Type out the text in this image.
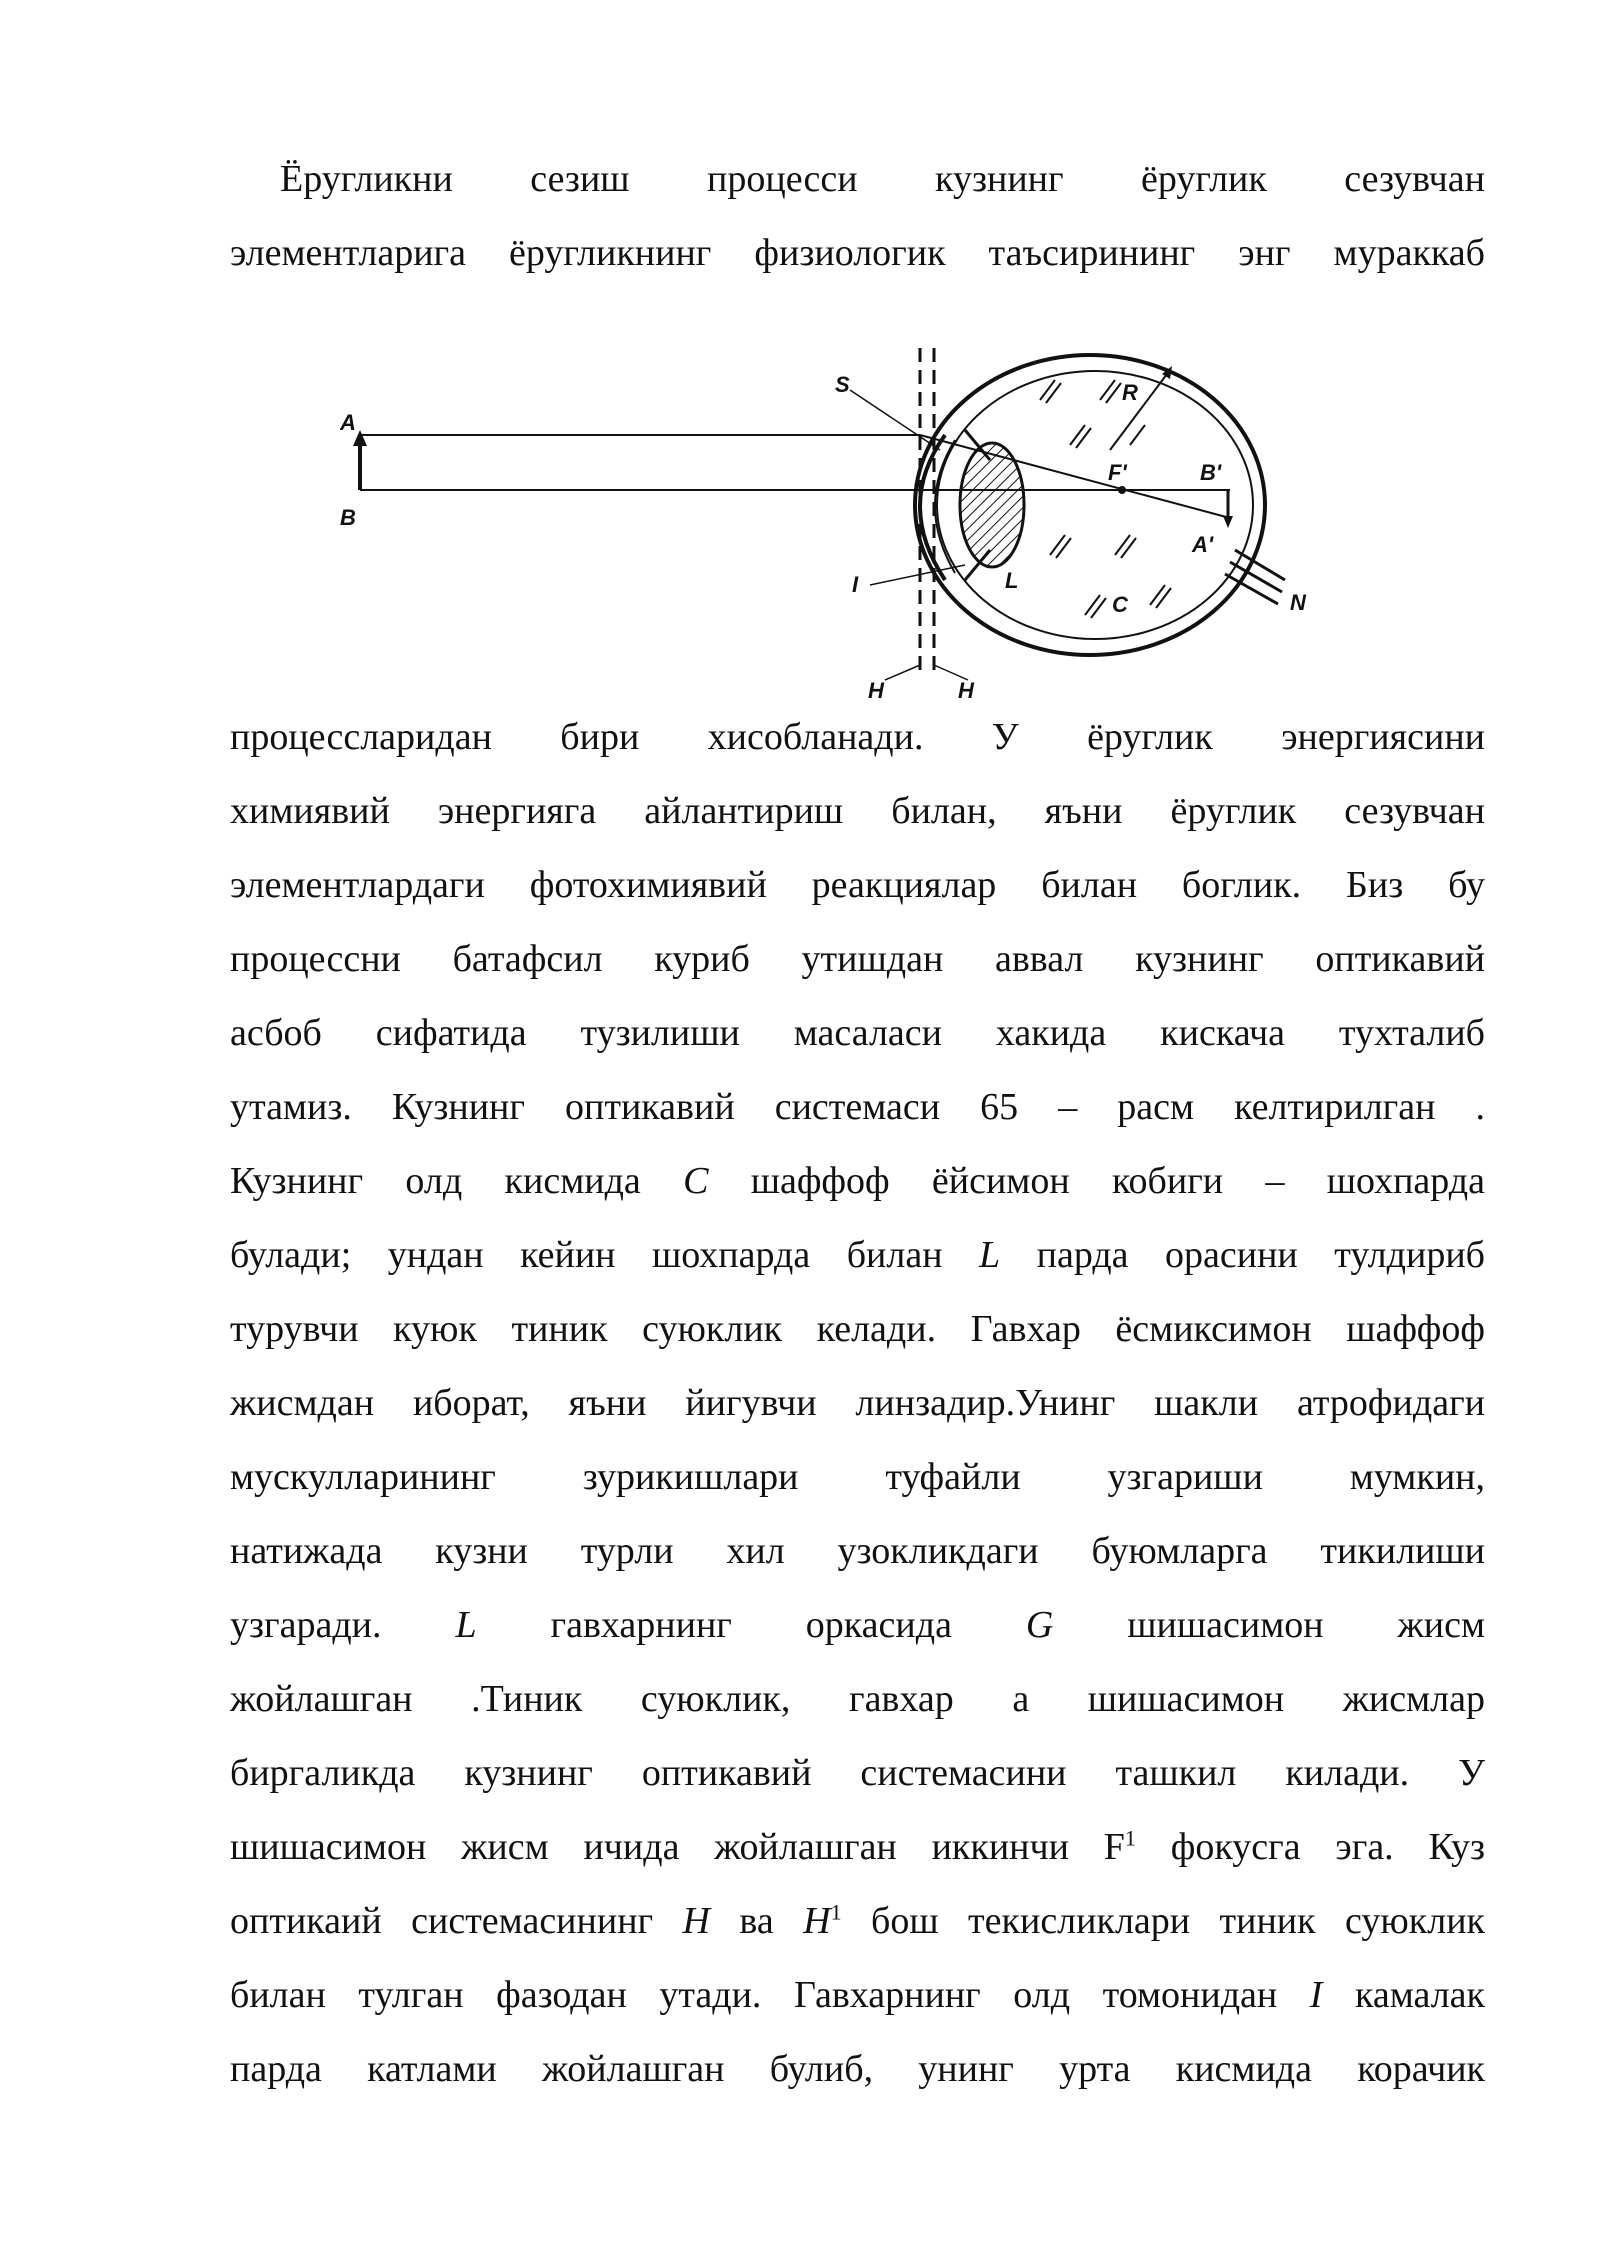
Ёругликни сезиш процесси кузнинг ёруглик сезувчан
элементларига ёругликнинг физиологик таъсирининг энг мураккаб
A
B
S	R
F'	B'
A'
L
C
I
H	H
N
процессларидан бири хисобланади. У ёруглик энергиясини
химиявий энергияга айлантириш билан, яъни ёруглик сезувчан
элементлардаги фотохимиявий реакциялар билан боглик. Биз бу
процессни батафсил куриб утишдан аввал кузнинг оптикавий
асбоб сифатида тузилиши масаласи хакида кискача тухталиб
утамиз. Кузнинг оптикавий системаси 65 – расм келтирилган .
Кузнинг олд кисмида C шаффоф ёйсимон кобиги – шохпарда
булади; ундан кейин шохпарда билан L парда орасини тулдириб
турувчи куюк тиник суюклик келади. Гавхар ёсмиксимон шаффоф
жисмдан иборат, яъни йигувчи линзадир.Унинг шакли атрофидаги
мускулларининг зурикишлари туфайли узгариши мумкин,
натижада кузни турли хил узокликдаги буюмларга тикилиши
узгаради. L гавхарнинг оркасида G шишасимон жисм
жойлашган .Тиник суюклик, гавхар а шишасимон жисмлар
биргаликда кузнинг оптикавий системасини ташкил килади. У
шишасимон жисм ичида жойлашган иккинчи $F^1$ фокусга эга. Куз
оптикаий системасининг H ва $H^1$ бош текисликлари тиник суюклик
билан тулган фазодан утади. Гавхарнинг олд томонидан I камалак
парда катлами жойлашган булиб, унинг урта кисмида корачик
